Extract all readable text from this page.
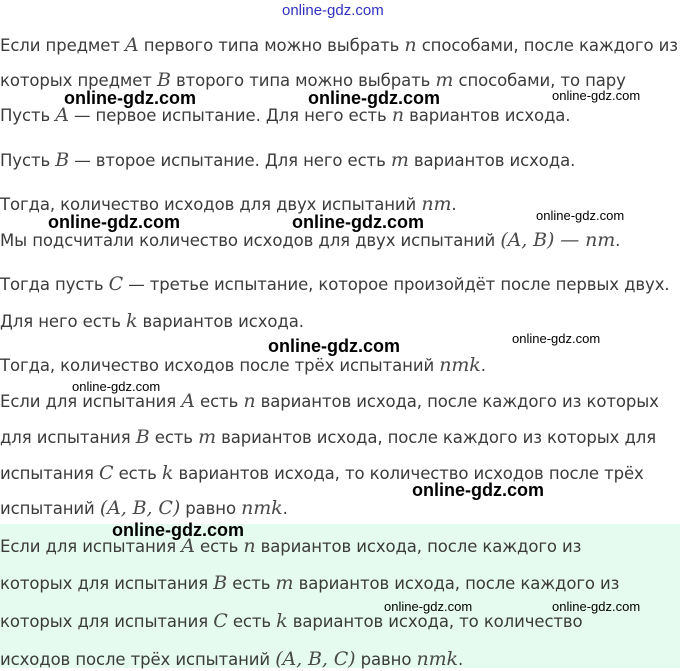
online-gdz.com
Если предмет A первого типа можно выбрать n способами, после каждого из
которых предмет B второго типа можно выбрать m способами, то пару
Пусть A — первое испытание. Для него есть n вариантов исхода.
Пусть B — второе испытание. Для него есть m вариантов исхода.
Тогда, количество исходов для двух испытаний nm.
Мы подсчитали количество исходов для двух испытаний (A, B) — nm.
Тогда пусть C — третье испытание, которое произойдёт после первых двух.
Для него есть k вариантов исхода.
Тогда, количество исходов после трёх испытаний nmk.
Если для испытания A есть n вариантов исхода, после каждого из которых
для испытания B есть m вариантов исхода, после каждого из которых для
испытания C есть k вариантов исхода, то количество исходов после трёх
испытаний (A, B, C) равно nmk.
Если для испытания A есть n вариантов исхода, после каждого из
которых для испытания B есть m вариантов исхода, после каждого из
которых для испытания C есть k вариантов исхода, то количество
исходов после трёх испытаний (A, B, C) равно nmk.
online-gdz.com	online-gdz.com	online-gdz.com
online-gdz.com	online-gdz.com	online-gdz.com
online-gdz.com	online-gdz.com
online-gdz.com
online-gdz.com
online-gdz.com
online-gdz.com	online-gdz.com
